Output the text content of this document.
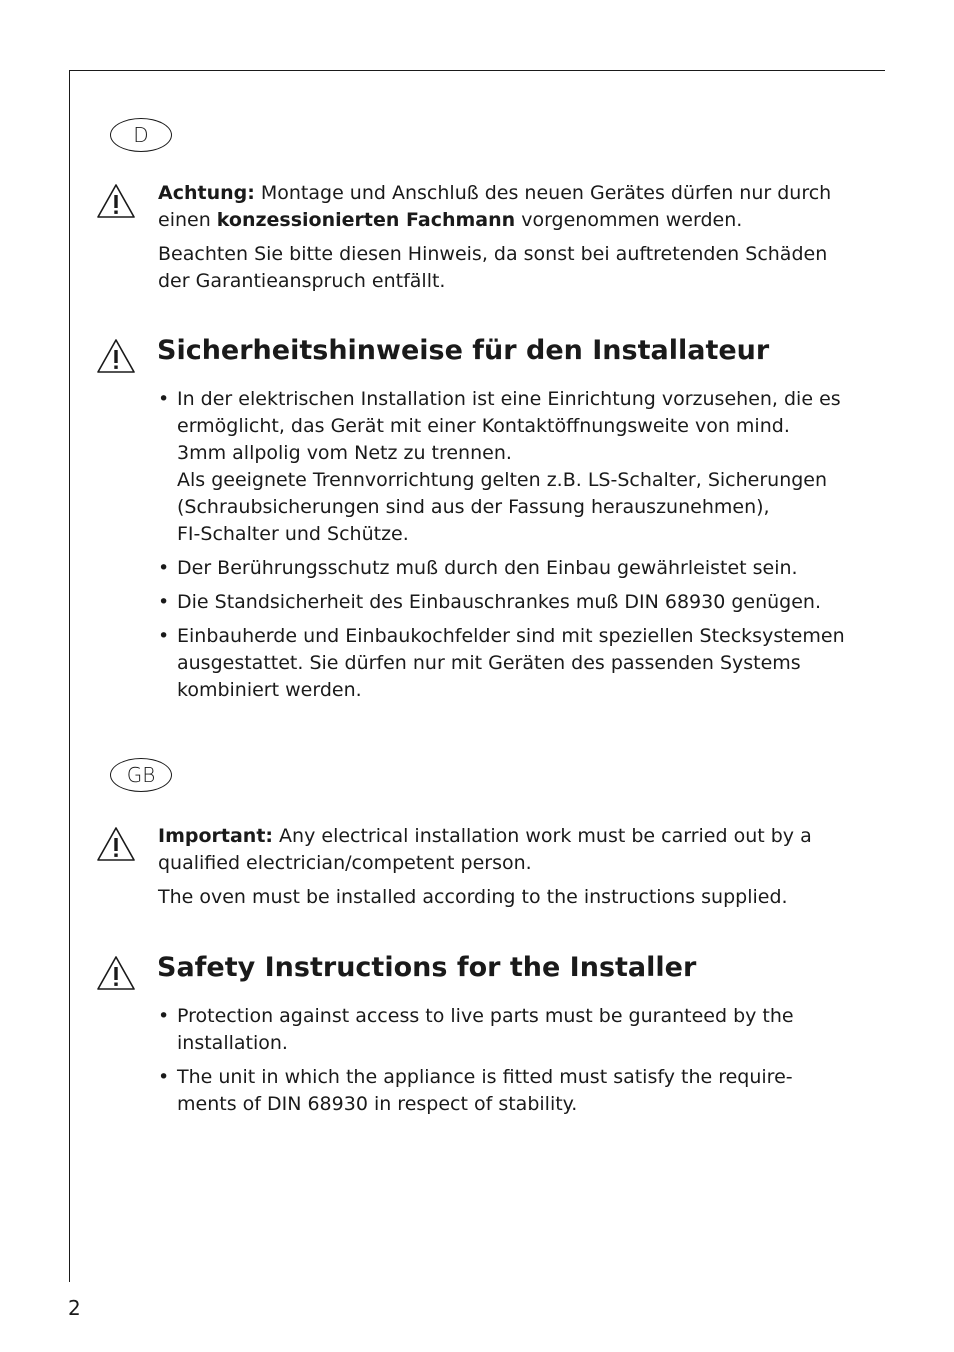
D

Achtung: Montage und Anschluß des neuen Gerätes dürfen nur durch einen konzessionierten Fachmann vorgenommen werden.

Beachten Sie bitte diesen Hinweis, da sonst bei auftretenden Schäden der Garantieanspruch entfällt.

Sicherheitshinweise für den Installateur
• In der elektrischen Installation ist eine Einrichtung vorzusehen, die es
ermöglicht, das Gerät mit einer Kontaktöffnungsweite von mind.
3mm allpolig vom Netz zu trennen.
Als geeignete Trennvorrichtung gelten z.B. LS-Schalter, Sicherungen
(Schraubsicherungen sind aus der Fassung herauszunehmen),
FI-Schalter und Schütze.
• Der Berührungsschutz muß durch den Einbau gewährleistet sein.
• Die Standsicherheit des Einbauschrankes muß DIN 68930 genügen.
• Einbauherde und Einbaukochfelder sind mit speziellen Stecksystemen
ausgestattet. Sie dürfen nur mit Geräten des passenden Systems
kombiniert werden.
GB

Important: Any electrical installation work must be carried out by a qualified electrician/competent person.

The oven must be installed according to the instructions supplied.

Safety Instructions for the Installer
• Protection against access to live parts must be guranteed by the
installation.
• The unit in which the appliance is fitted must satisfy the require-
ments of DIN 68930 in respect of stability.
2
